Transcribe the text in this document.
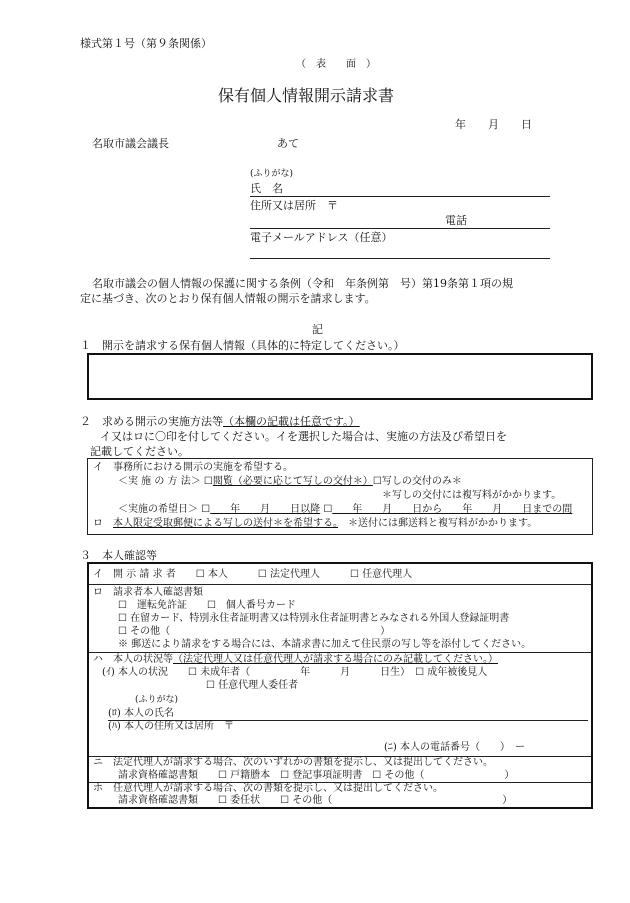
様式第１号（第９条関係）
（　表　　面　）
保有個人情報開示請求書
年　　月　　日
名取市議会議長	あて
(ふりがな)
氏　名
住所又は居所　〒
電話
電子メールアドレス（任意）
名取市議会の個人情報の保護に関する条例（令和　年条例第　号）第19条第１項の規
定に基づき、次のとおり保有個人情報の開示を請求します。
記
１　開示を請求する保有個人情報（具体的に特定してください。）
２　求める開示の実施方法等（本欄の記載は任意です。）
イ又はロに〇印を付してください。イを選択した場合は、実施の方法及び希望日を
記載してください。
イ　事務所における開示の実施を希望する。
＜実 施 の 方 法＞ ☐閲覧（必要に応じて写しの交付＊）☐写しの交付のみ＊
＊写しの交付には複写料がかかります。
＜実施の希望日＞ ☐　　年　　月　　日以降 ☐　　年　　月　　日から　　年　　月　　日までの間
ロ　 本人限定受取郵便による写しの送付＊を希望する。　 ＊送付には郵送料と複写料がかかります。
３　本人確認等
イ　開 示 請 求 者　　☐ 本人　　　☐ 法定代理人　　　☐ 任意代理人
ロ　請求者本人確認書類
☐　運転免許証　　☐　個人番号カード
☐ 在留カード、特別永住者証明書又は特別永住者証明書とみなされる外国人登録証明書
☐ その他（　　　　　　　　　　　　　　　　　　　　　）
※ 郵送により請求をする場合には、本請求書に加えて住民票の写し等を添付してください。
ハ　本人の状況等（法定代理人又は任意代理人が請求する場合にのみ記載してください。）
(ｲ) 本人の状況　　☐ 未成年者（　　　　　年　　　月　　　日生）　☐ 成年被後見人
☐ 任意代理人委任者
(ふりがな)
(ﾛ) 本人の氏名
(ﾊ) 本人の住所又は居所　〒
(ﾆ) 本人の電話番号（　　）　ー
ニ　法定代理人が請求する場合、次のいずれかの書類を提示し、又は提出してください。
請求資格確認書類　　☐ 戸籍謄本　☐ 登記事項証明書　☐ その他（　　　　　　　　）
ホ　任意代理人が請求する場合、次の書類を提示し、又は提出してください。
請求資格確認書類　　☐ 委任状　　☐ その他（　　　　　　　　　　　　　　　　　）
